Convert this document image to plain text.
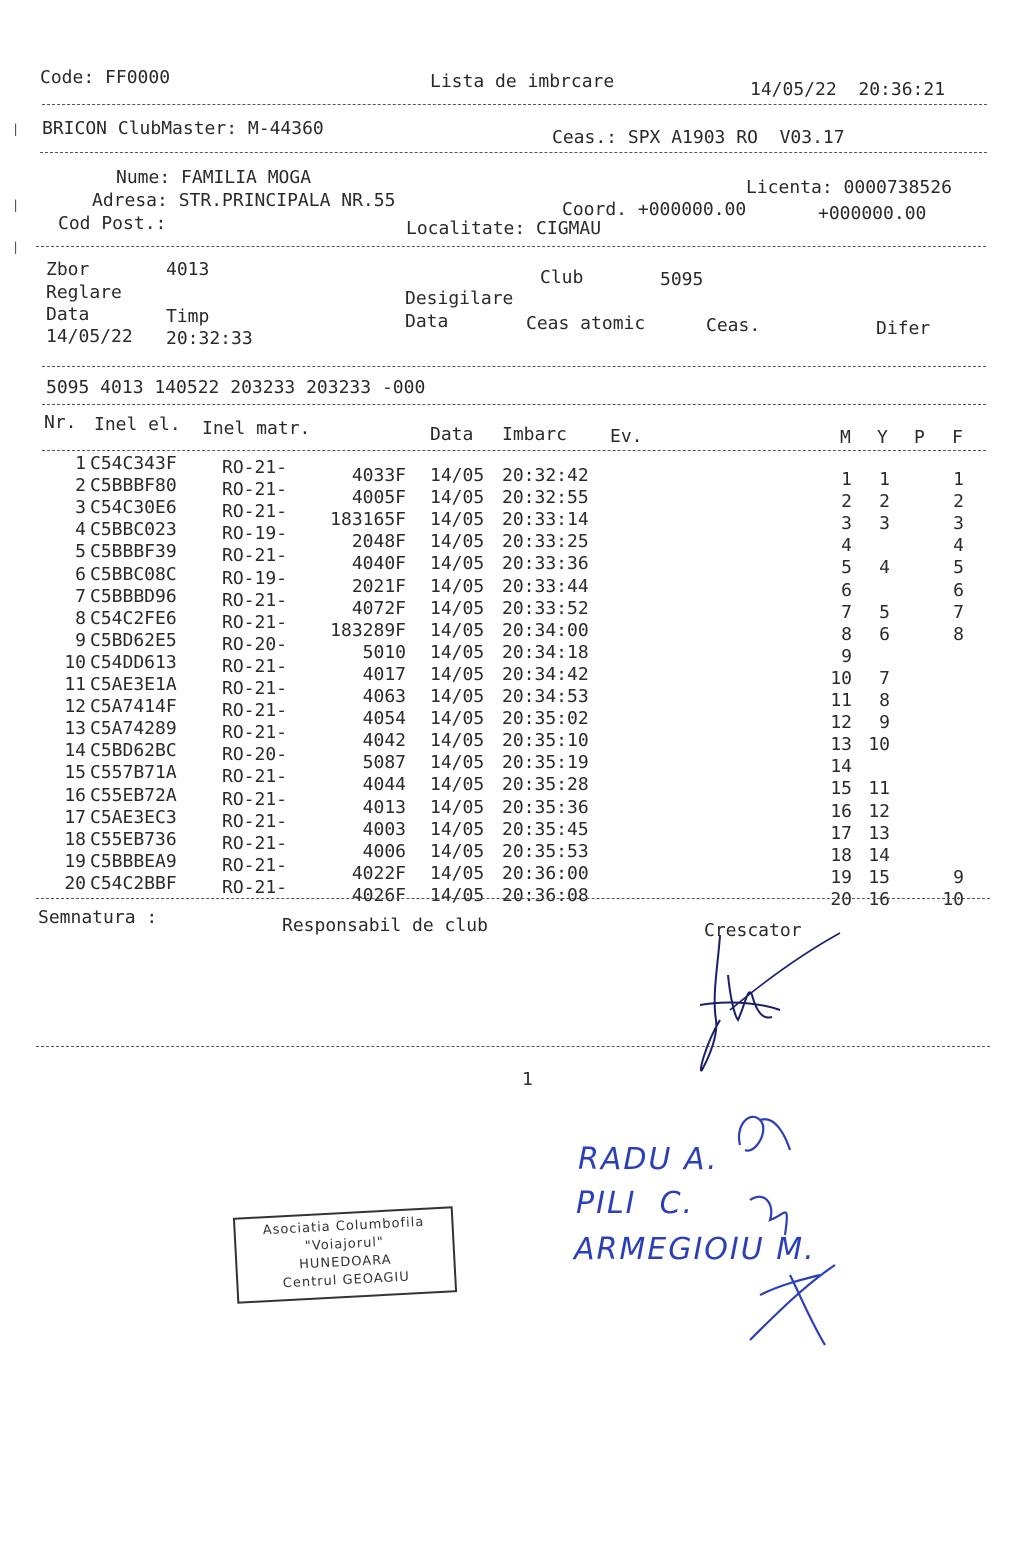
|
|
|
Code: FF0000	Lista de imbrcare	14/05/22  20:36:21
BRICON ClubMaster: M-44360	Ceas.: SPX A1903 RO  V03.17
Nume: FAMILIA MOGA	Licenta: 0000738526
Adresa: STR.PRINCIPALA NR.55	Coord. +000000.00	+000000.00
Cod Post.:	Localitate: CIGMAU
Zbor	4013	Club	5095
Reglare	Desigilare
Data	Timp	Data	Ceas atomic	Ceas.	Difer
14/05/22 20:32:33
5095 4013 140522 203233 203233 -000
Nr. Inel el. Inel matr.	Data Imbarc Ev.	M Y P F
1 C54C343F	RO-21-	4033F 14/05 20:32:42	1 1	1
2 C5BBBF80	RO-21-	4005F 14/05 20:32:55	2 2	2
3 C54C30E6	RO-21- 183165F 14/05 20:33:14	3 3	3
4 C5BBC023	RO-19-	2048F 14/05 20:33:25	4	4
5 C5BBBF39	RO-21-	4040F 14/05 20:33:36	5 4	5
6 C5BBC08C	RO-19-	2021F 14/05 20:33:44	6	6
7 C5BBBD96	RO-21-	4072F 14/05 20:33:52	7 5	7
8 C54C2FE6	RO-21- 183289F 14/05 20:34:00	8 6	8
9 C5BD62E5	RO-20-	5010 14/05 20:34:18	9
10 C54DD613	RO-21-	4017 14/05 20:34:42	10 7
11 C5AE3E1A	RO-21-	4063 14/05 20:34:53	11 8
12 C5A7414F	RO-21-	4054 14/05 20:35:02	12 9
13 C5A74289	RO-21-	4042 14/05 20:35:10	13 10
14 C5BD62BC	RO-20-	5087 14/05 20:35:19	14
15 C557B71A	RO-21-	4044 14/05 20:35:28	15 11
16 C55EB72A	RO-21-	4013 14/05 20:35:36	16 12
17 C5AE3EC3	RO-21-	4003 14/05 20:35:45	17 13
18 C55EB736	RO-21-	4006 14/05 20:35:53	18 14
19 C5BBBEA9	RO-21-	4022F 14/05 20:36:00	19 15	9
20 C54C2BBF	RO-21-	4026F 14/05 20:36:08	20 16	10
Semnatura :	Responsabil de club	Crescator
1
RADU A.
PILI  C.
ARMEGIOIU M.
Asociatia Columbofila
"Voiajorul"
HUNEDOARA
Centrul GEOAGIU
